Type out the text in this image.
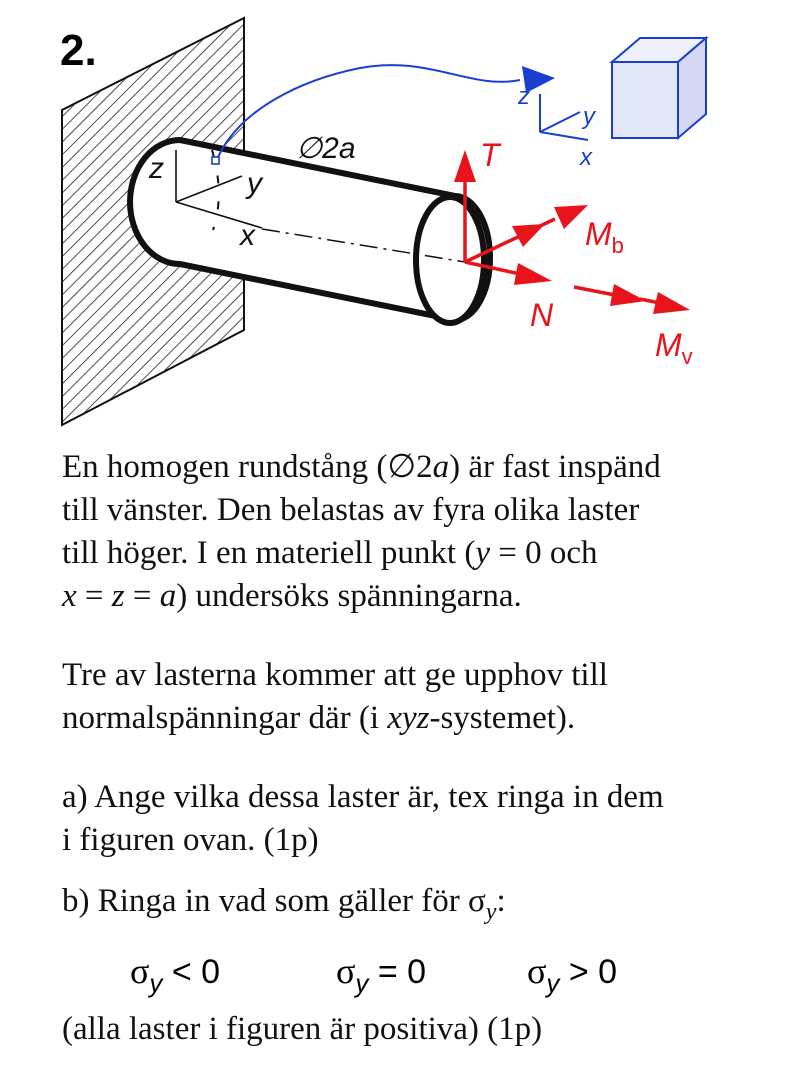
z	y
x
∅2a
z
y
x
T
$M_b$
N
$M_v$
2.
En homogen rundstång (∅2a) är fast inspänd
till vänster. Den belastas av fyra olika laster
till höger. I en materiell punkt (y = 0 och
x = z = a) undersöks spänningarna.
Tre av lasterna kommer att ge upphov till
normalspänningar där (i xyz-systemet).
a) Ange vilka dessa laster är, tex ringa in dem
i figuren ovan. (1p)
b) Ringa in vad som gäller för $\sigma_y$:
$\sigma_y < 0$	$\sigma_y = 0$	$\sigma_y > 0$
(alla laster i figuren är positiva) (1p)
